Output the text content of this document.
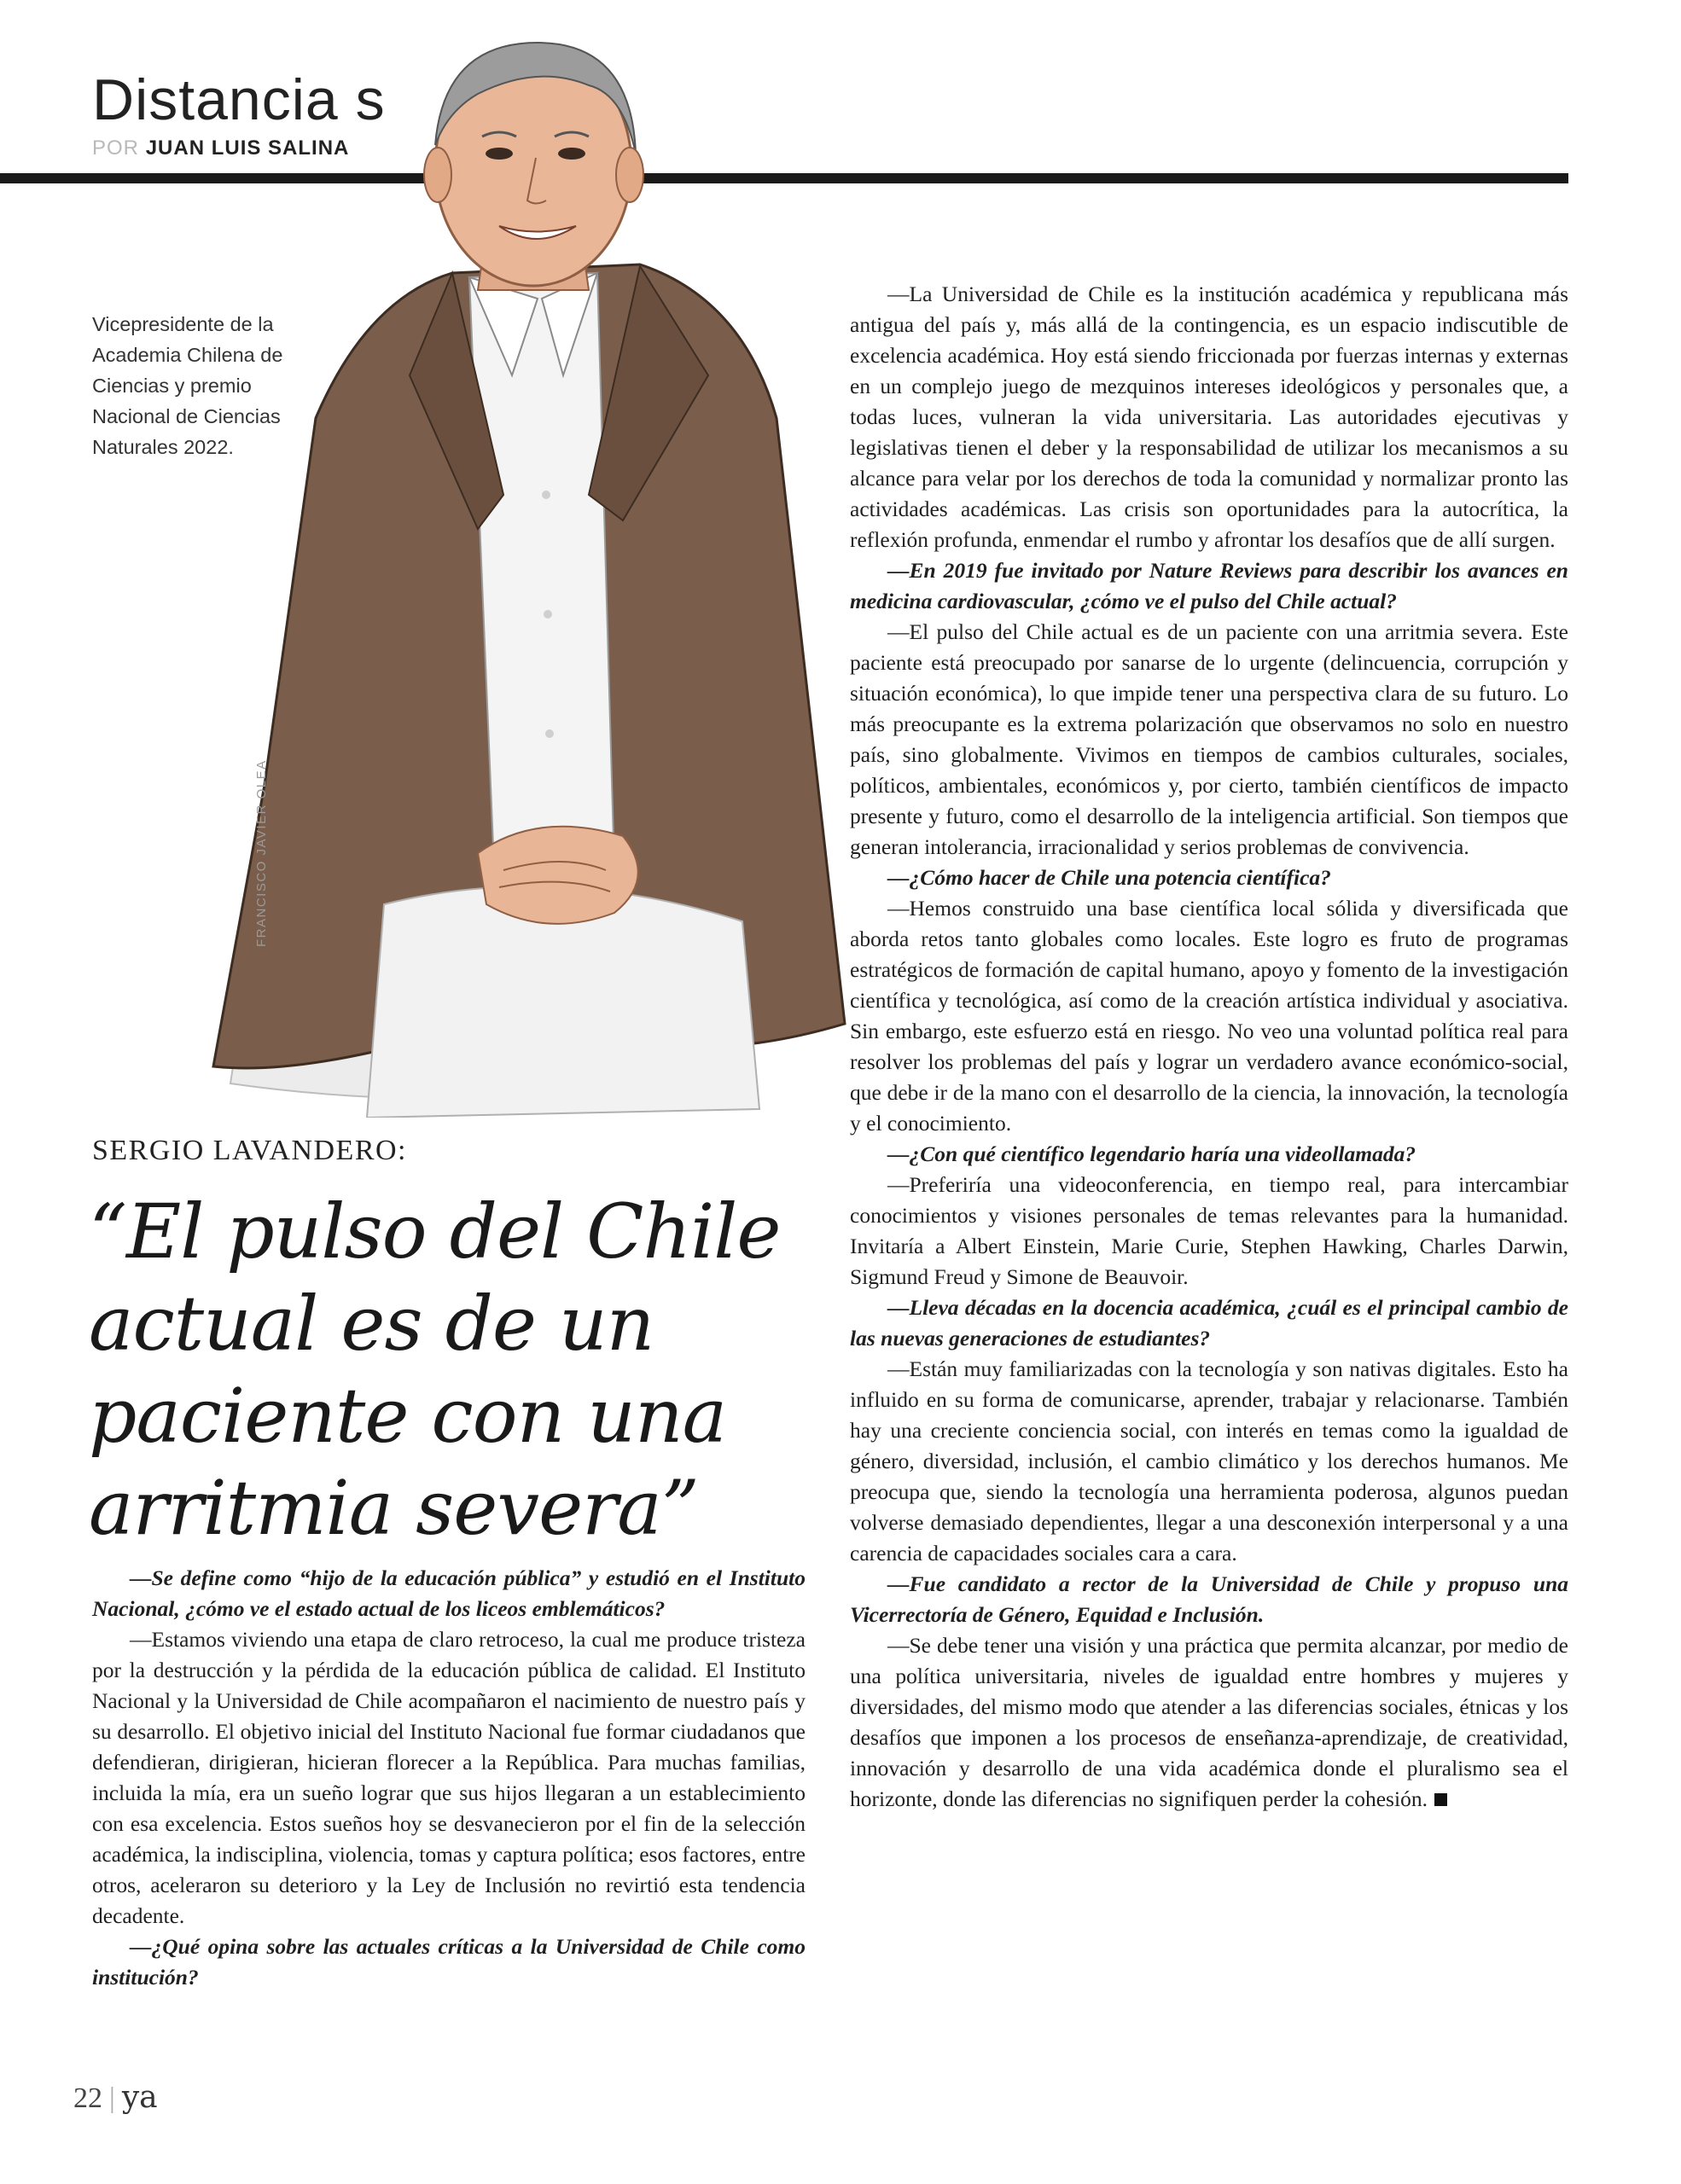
Distancia s
POR JUAN LUIS SALINA
FRANCISCO JAVIER OLEA
Vicepresidente de la Academia Chilena de Ciencias y premio Nacional de Ciencias Naturales 2022.
SERGIO LAVANDERO:
“El pulso del Chile actual es de un paciente con una arritmia severa”

—Se define como “hijo de la educación pública” y estudió en el Instituto Nacional, ¿cómo ve el estado actual de los liceos emblemáticos?

—Estamos viviendo una etapa de claro retroceso, la cual me produce tristeza por la destrucción y la pérdida de la educación pública de calidad. El Instituto Nacional y la Universidad de Chile acompañaron el nacimiento de nuestro país y su desarrollo. El objetivo inicial del Instituto Nacional fue formar ciudadanos que defendieran, dirigieran, hicieran florecer a la República. Para muchas familias, incluida la mía, era un sueño lograr que sus hijos llegaran a un establecimiento con esa excelencia. Estos sueños hoy se desvanecieron por el fin de la selección académica, la indisciplina, violencia, tomas y captura política; esos factores, entre otros, aceleraron su deterioro y la Ley de Inclusión no revirtió esta tendencia decadente.

—¿Qué opina sobre las actuales críticas a la Universidad de Chile como institución?

—La Universidad de Chile es la institución académica y republicana más antigua del país y, más allá de la contingencia, es un espacio indiscutible de excelencia académica. Hoy está siendo friccionada por fuerzas internas y externas en un complejo juego de mezquinos intereses ideológicos y personales que, a todas luces, vulneran la vida universitaria. Las autoridades ejecutivas y legislativas tienen el deber y la responsabilidad de utilizar los mecanismos a su alcance para velar por los derechos de toda la comunidad y normalizar pronto las actividades académicas. Las crisis son oportunidades para la autocrítica, la reflexión profunda, enmendar el rumbo y afrontar los desafíos que de allí surgen.

—En 2019 fue invitado por Nature Reviews para describir los avances en medicina cardiovascular, ¿cómo ve el pulso del Chile actual?

—El pulso del Chile actual es de un paciente con una arritmia severa. Este paciente está preocupado por sanarse de lo urgente (delincuencia, corrupción y situación económica), lo que impide tener una perspectiva clara de su futuro. Lo más preocupante es la extrema polarización que observamos no solo en nuestro país, sino globalmente. Vivimos en tiempos de cambios culturales, sociales, políticos, ambientales, económicos y, por cierto, también científicos de impacto presente y futuro, como el desarrollo de la inteligencia artificial. Son tiempos que generan intolerancia, irracionalidad y serios problemas de convivencia.

—¿Cómo hacer de Chile una potencia científica?

—Hemos construido una base científica local sólida y diversificada que aborda retos tanto globales como locales. Este logro es fruto de programas estratégicos de formación de capital humano, apoyo y fomento de la investigación científica y tecnológica, así como de la creación artística individual y asociativa. Sin embargo, este esfuerzo está en riesgo. No veo una voluntad política real para resolver los problemas del país y lograr un verdadero avance económico-social, que debe ir de la mano con el desarrollo de la ciencia, la innovación, la tecnología y el conocimiento.

—¿Con qué científico legendario haría una videollamada?

—Preferiría una videoconferencia, en tiempo real, para intercambiar conocimientos y visiones personales de temas relevantes para la humanidad. Invitaría a Albert Einstein, Marie Curie, Stephen Hawking, Charles Darwin, Sigmund Freud y Simone de Beauvoir.

—Lleva décadas en la docencia académica, ¿cuál es el principal cambio de las nuevas generaciones de estudiantes?

—Están muy familiarizadas con la tecnología y son nativas digitales. Esto ha influido en su forma de comunicarse, aprender, trabajar y relacionarse. También hay una creciente conciencia social, con interés en temas como la igualdad de género, diversidad, inclusión, el cambio climático y los derechos humanos. Me preocupa que, siendo la tecnología una herramienta poderosa, algunos puedan volverse demasiado dependientes, llegar a una desconexión interpersonal y a una carencia de capacidades sociales cara a cara.

—Fue candidato a rector de la Universidad de Chile y propuso una Vicerrectoría de Género, Equidad e Inclusión.

—Se debe tener una visión y una práctica que permita alcanzar, por medio de una política universitaria, niveles de igualdad entre hombres y mujeres y diversidades, del mismo modo que atender a las diferencias sociales, étnicas y los desafíos que imponen a los procesos de enseñanza-aprendizaje, de creatividad, innovación y desarrollo de una vida académica donde el pluralismo sea el horizonte, donde las diferencias no signifiquen perder la cohesión.

22 | ya
